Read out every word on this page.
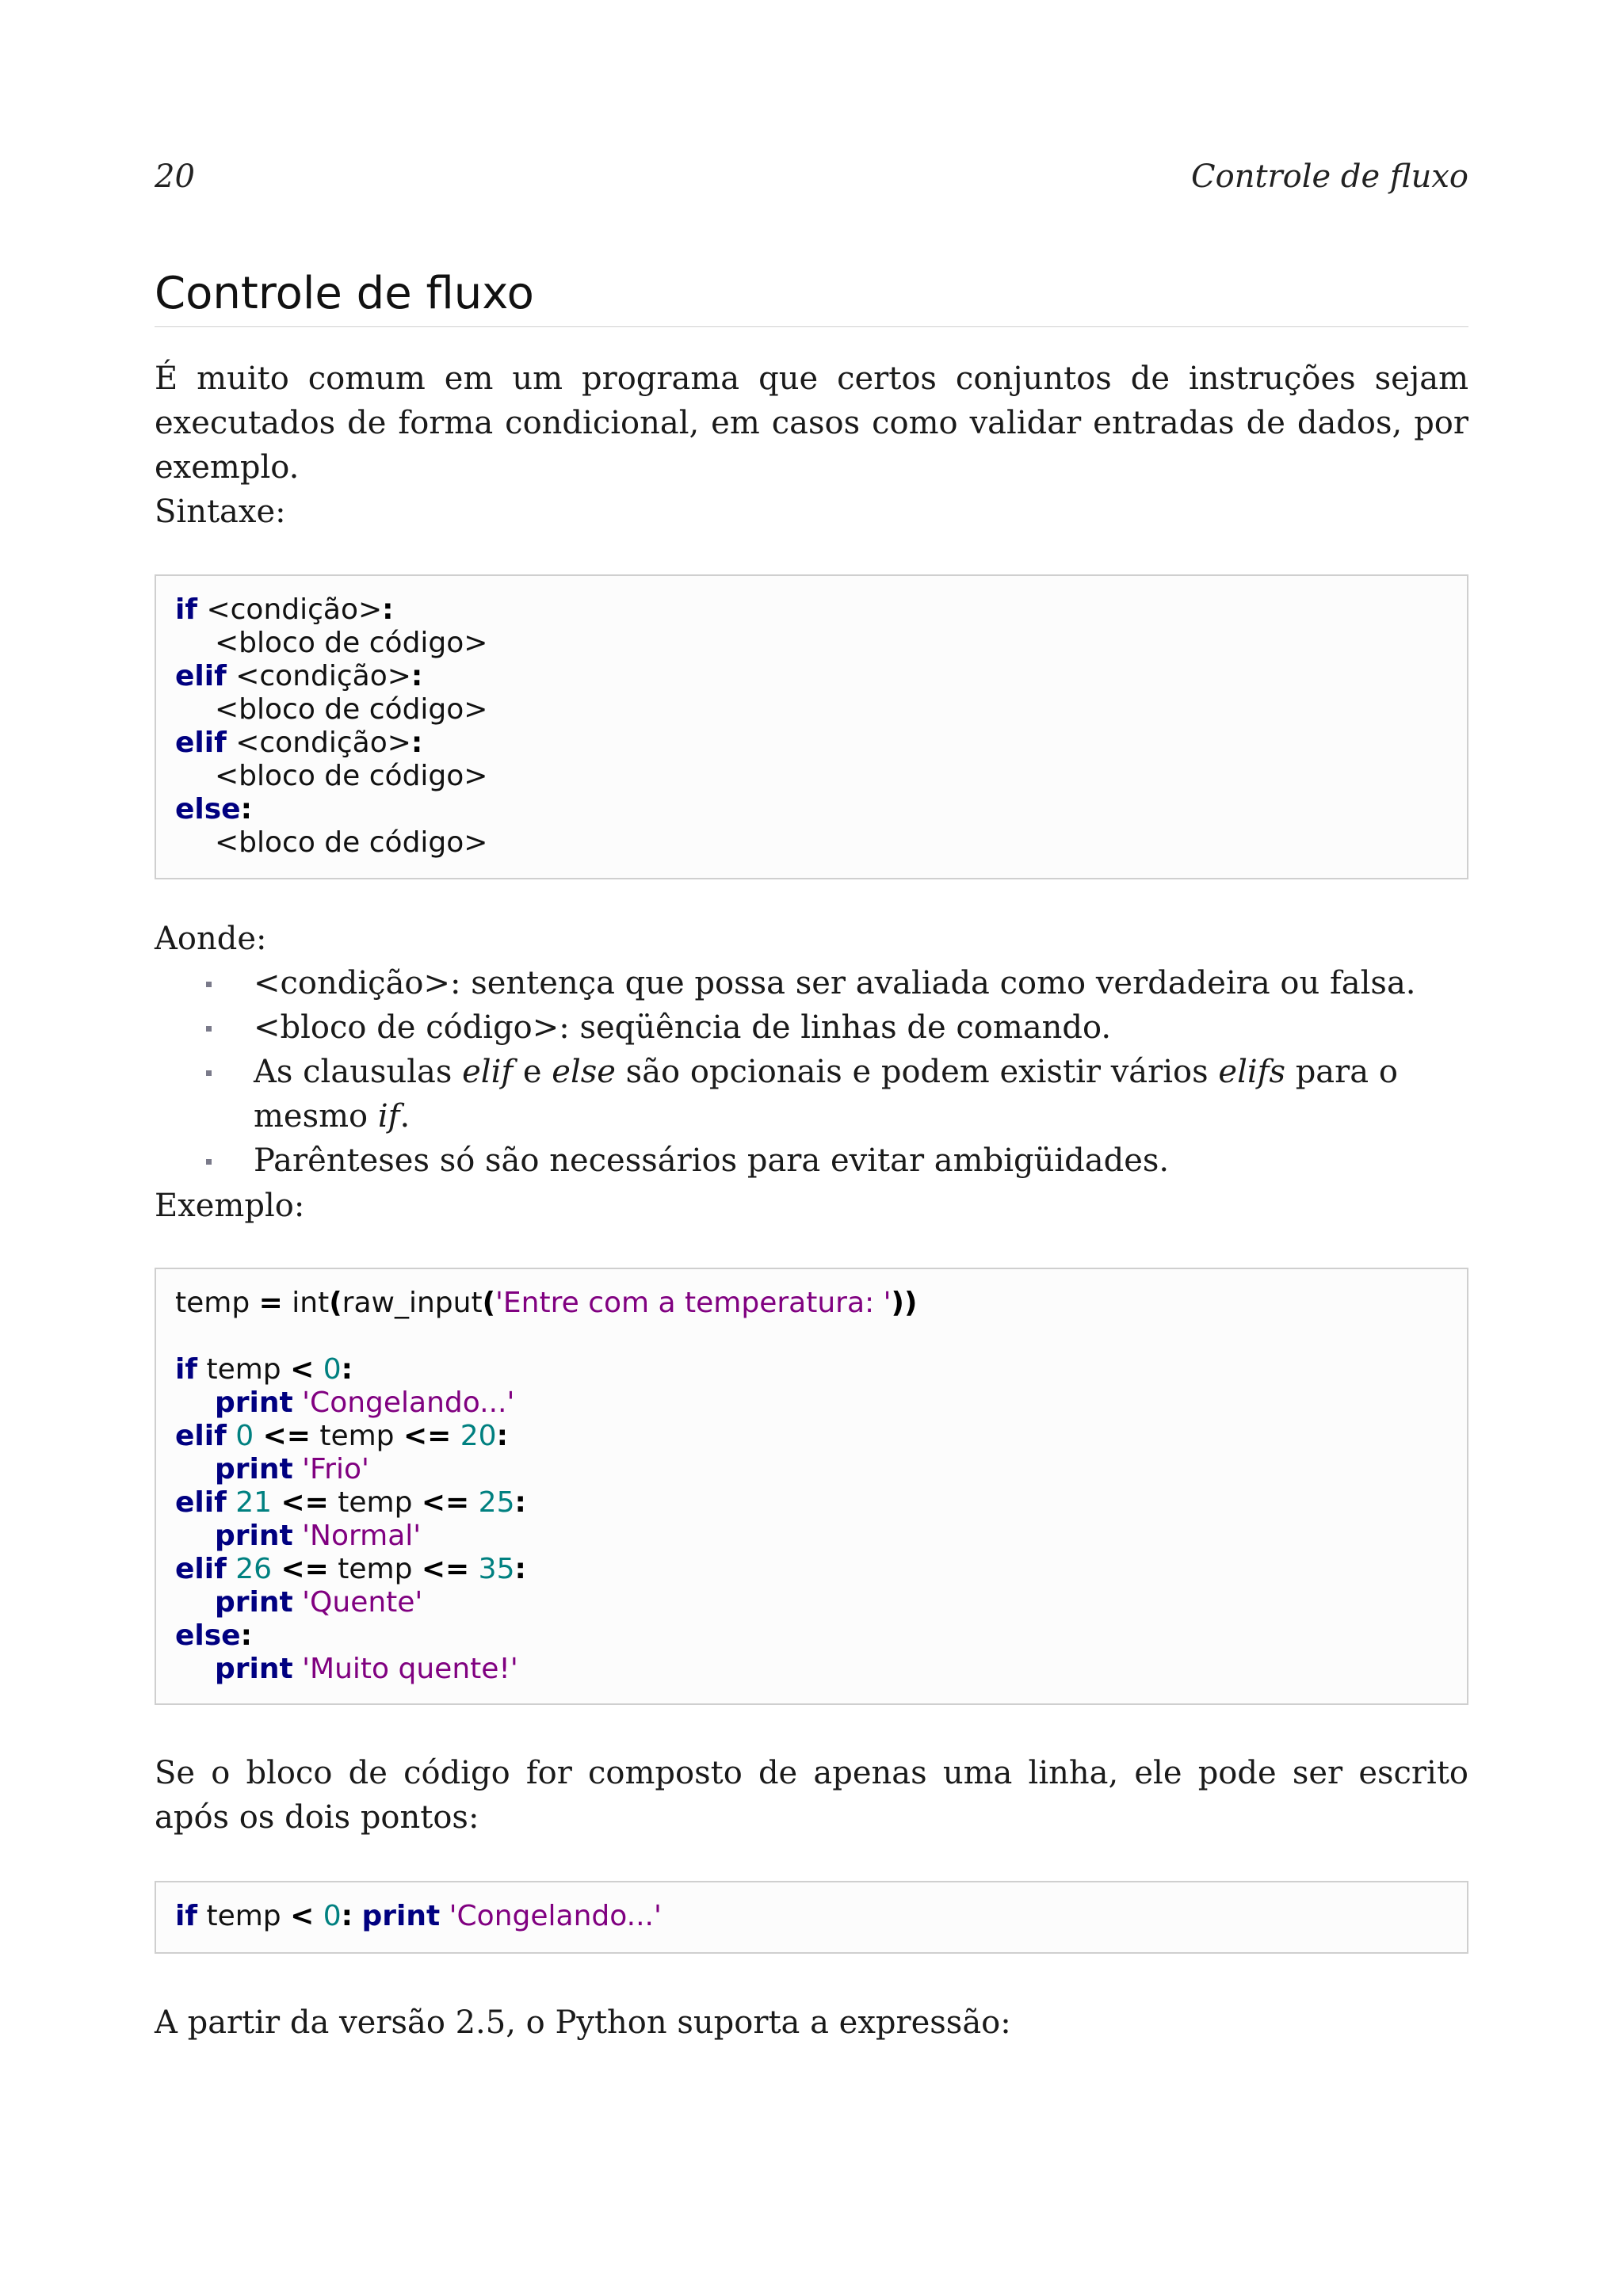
20	Controle de fluxo
Controle de fluxo

É muito comum em um programa que certos conjuntos de instruções sejam executados de forma condicional, em casos como validar entradas de dados, por exemplo.

Sintaxe:

if <condição>:
<bloco de código>
elif <condição>:
<bloco de código>
elif <condição>:
<bloco de código>
else:
<bloco de código>

Aonde:

<condição>: sentença que possa ser avaliada como verdadeira ou falsa.
<bloco de código>: seqüência de linhas de comando.
As clausulas elif e else são opcionais e podem existir vários elifs para o mesmo if.
Parênteses só são necessários para evitar ambigüidades.

Exemplo:

temp = int(raw_input('Entre com a temperatura: '))
if temp < 0:
print 'Congelando...'
elif 0 <= temp <= 20:
print 'Frio'
elif 21 <= temp <= 25:
print 'Normal'
elif 26 <= temp <= 35:
print 'Quente'
else:
print 'Muito quente!'

Se o bloco de código for composto de apenas uma linha, ele pode ser escrito após os dois pontos:

if temp < 0: print 'Congelando...'

A partir da versão 2.5, o Python suporta a expressão:
